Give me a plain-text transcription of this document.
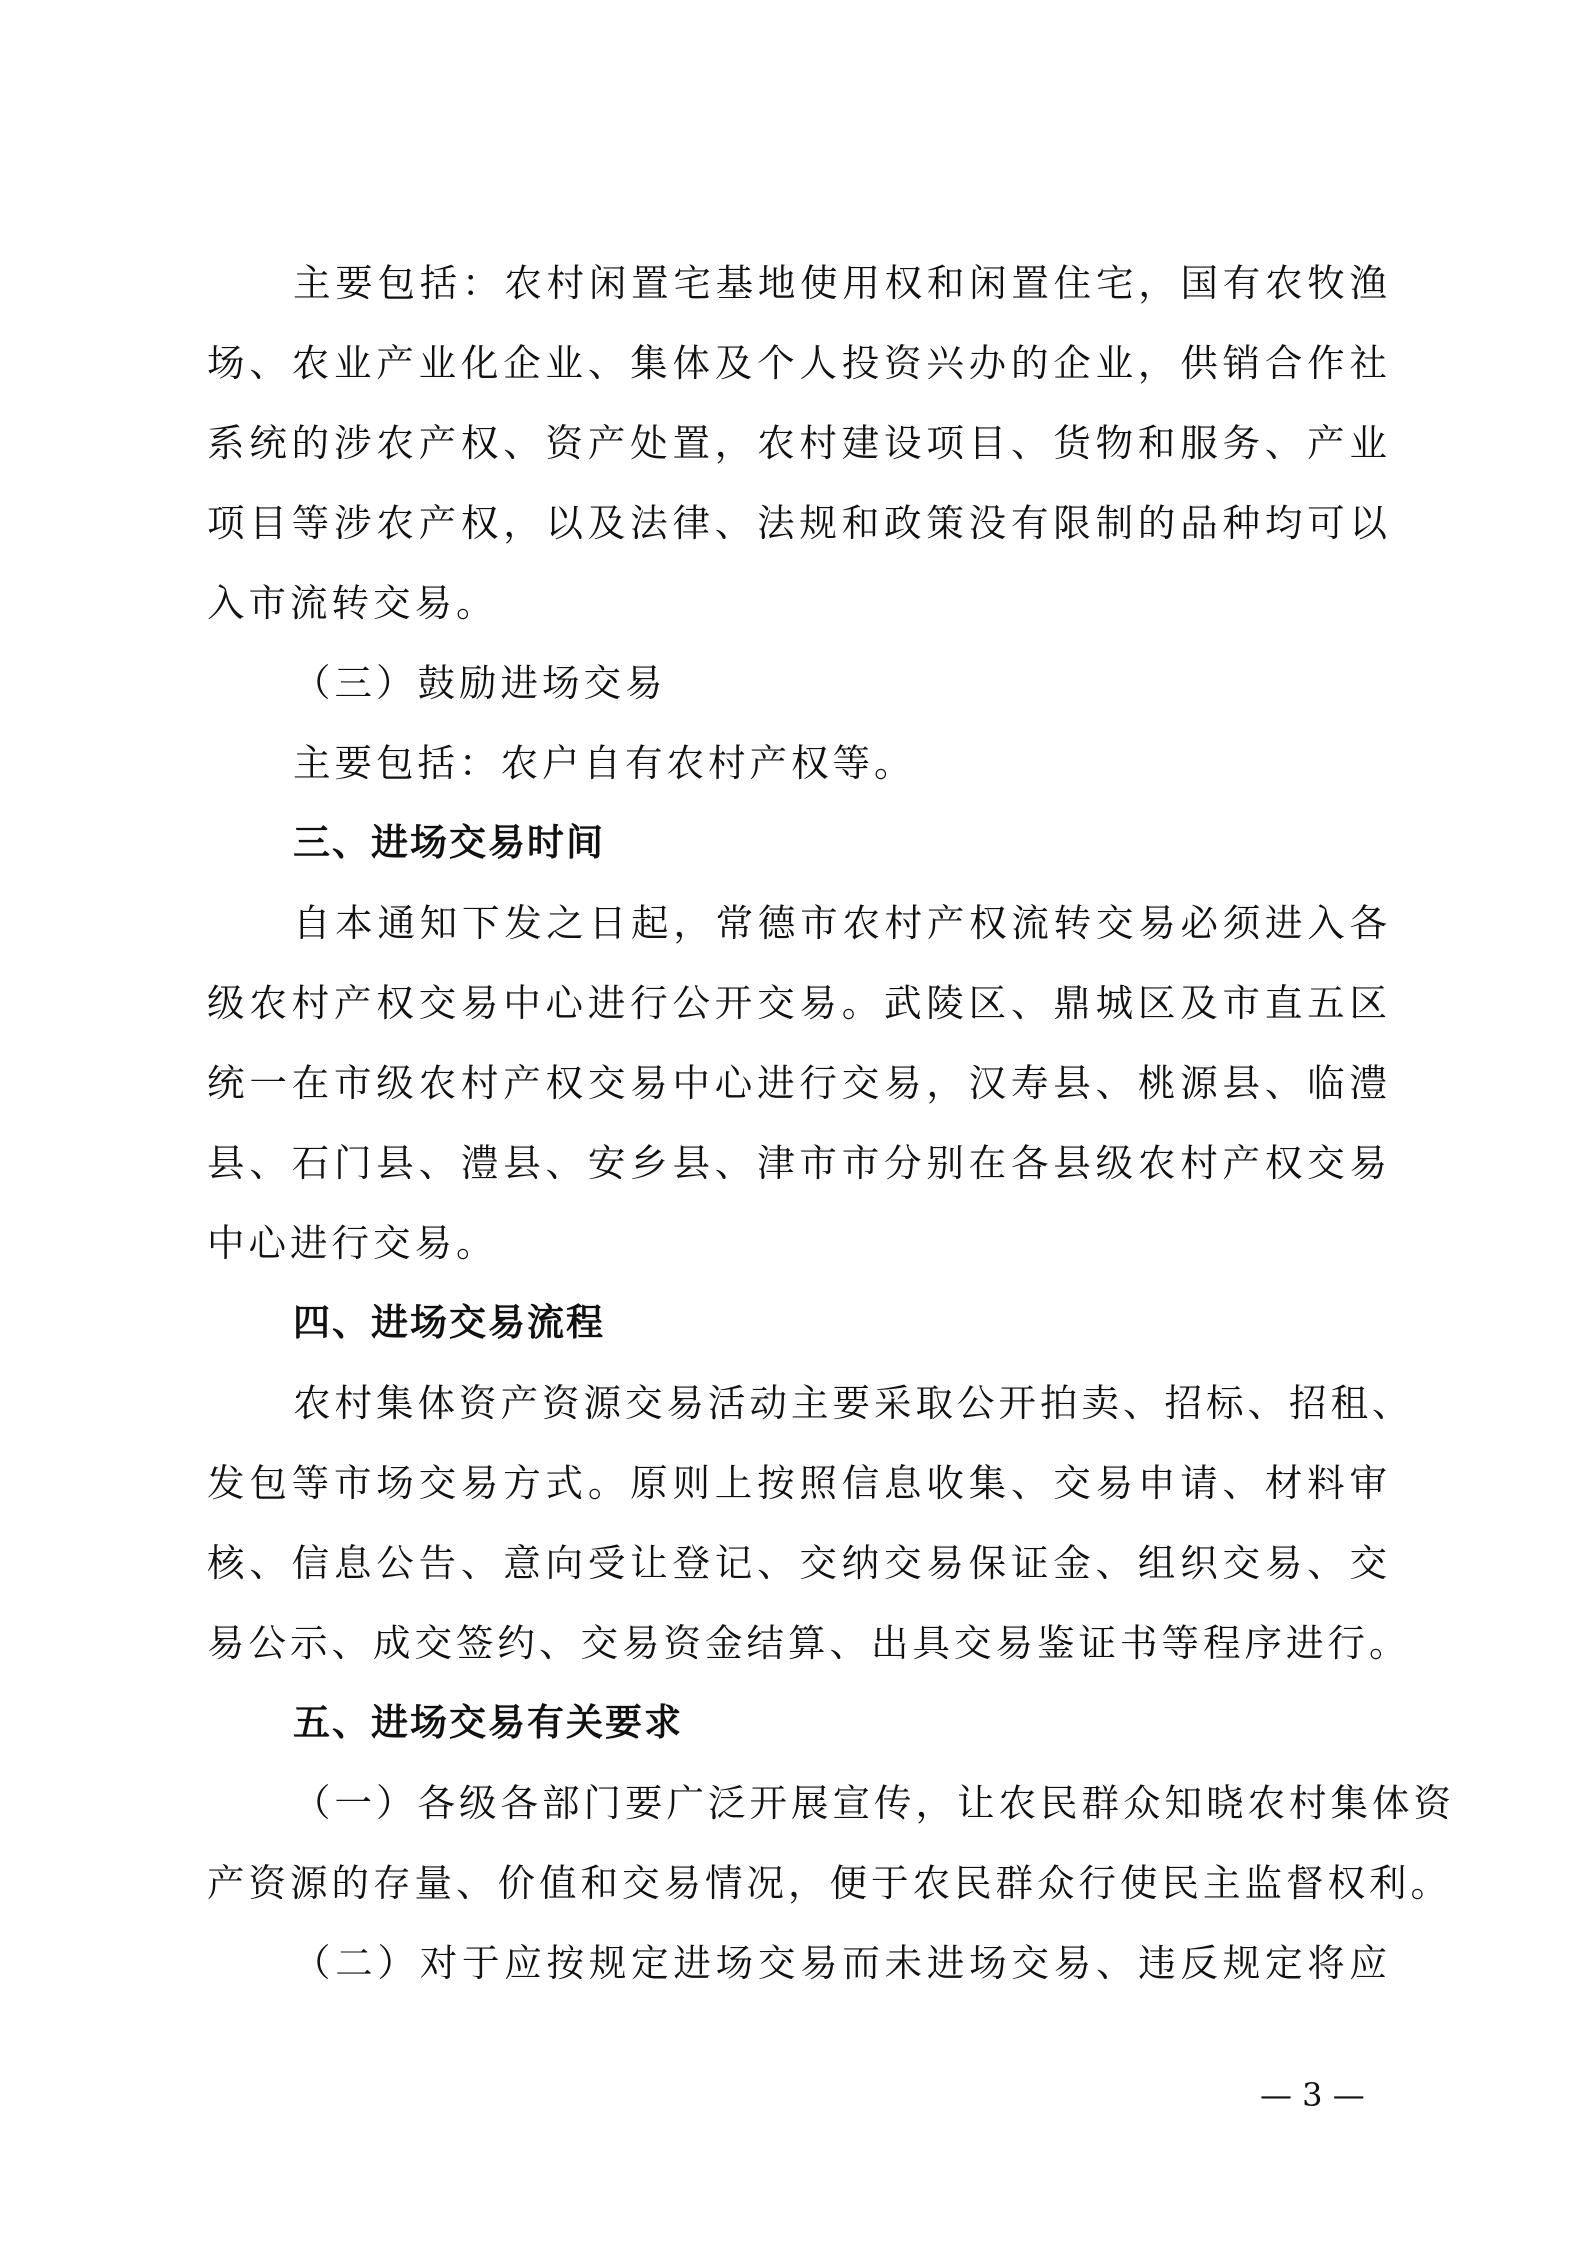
主要包括：农村闲置宅基地使用权和闲置住宅，国有农牧渔

场、农业产业化企业、集体及个人投资兴办的企业，供销合作社

系统的涉农产权、资产处置，农村建设项目、货物和服务、产业

项目等涉农产权，以及法律、法规和政策没有限制的品种均可以

入市流转交易。

（三）鼓励进场交易

主要包括：农户自有农村产权等。

三、进场交易时间

自本通知下发之日起，常德市农村产权流转交易必须进入各

级农村产权交易中心进行公开交易。武陵区、鼎城区及市直五区

统一在市级农村产权交易中心进行交易，汉寿县、桃源县、临澧

县、石门县、澧县、安乡县、津市市分别在各县级农村产权交易

中心进行交易。

四、进场交易流程

农村集体资产资源交易活动主要采取公开拍卖、招标、招租、

发包等市场交易方式。原则上按照信息收集、交易申请、材料审

核、信息公告、意向受让登记、交纳交易保证金、组织交易、交

易公示、成交签约、交易资金结算、出具交易鉴证书等程序进行。

五、进场交易有关要求

（一）各级各部门要广泛开展宣传，让农民群众知晓农村集体资

产资源的存量、价值和交易情况，便于农民群众行使民主监督权利。

（二）对于应按规定进场交易而未进场交易、违反规定将应

— 3 —
